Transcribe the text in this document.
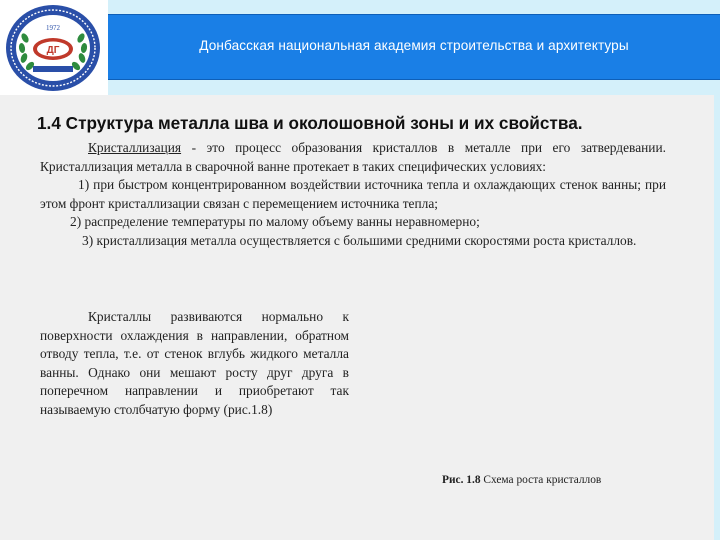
1972
ДГ	Донбасская национальная академия строительства и архитектуры
1.4 Структура металла шва и околошовной зоны и их свойства.

Кристаллизация - это процесс образования кристаллов в металле при его затвердевании. Кристаллизация металла в сварочной ванне протекает в таких специфических условиях:

1) при быстром концентрированном воздействии источника тепла и охлаждающих стенок ванны; при этом фронт кристаллизации связан с перемещением источника тепла;

2) распределение температуры по малому объему ванны неравномерно;

3) кристаллизация металла осуществляется с большими средними скоростями роста кристаллов.

Кристаллы развиваются нормально к поверхности охлаждения в направлении, обратном отводу тепла, т.е. от стенок вглубь жидкого металла ванны. Однако они мешают росту друг друга в поперечном направлении и приобретают так называемую столбчатую форму (рис.1.8)
Рис. 1.8 Схема роста кристаллов
